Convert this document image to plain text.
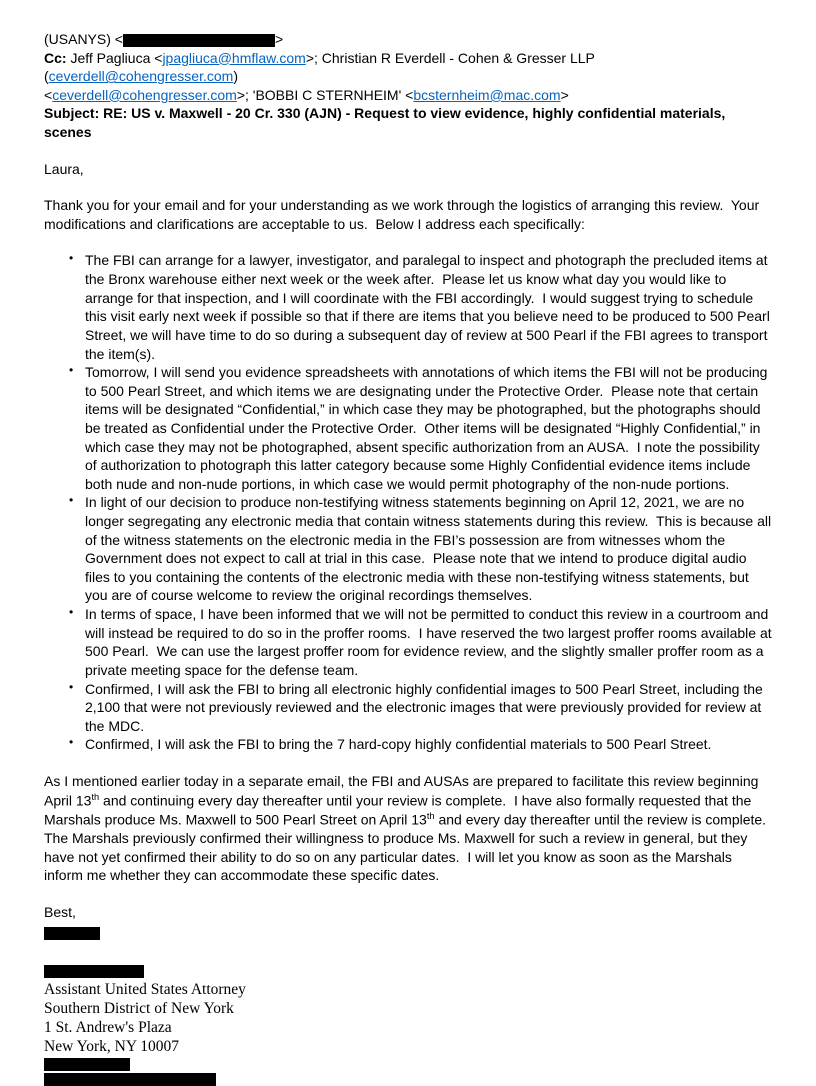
(USANYS) <	>
Cc: Jeff Pagliuca <jpagliuca@hmflaw.com>; Christian R Everdell - Cohen & Gresser LLP (ceverdell@cohengresser.com)
<ceverdell@cohengresser.com>; 'BOBBI C STERNHEIM' <bcsternheim@mac.com>
Subject: RE: US v. Maxwell - 20 Cr. 330 (AJN) - Request to view evidence, highly confidential materials, scenes

Laura,

Thank you for your email and for your understanding as we work through the logistics of arranging this review.  Your modifications and clarifications are acceptable to us.  Below I address each specifically:

• The FBI can arrange for a lawyer, investigator, and paralegal to inspect and photograph the precluded items at the Bronx warehouse either next week or the week after.  Please let us know what day you would like to arrange for that inspection, and I will coordinate with the FBI accordingly.  I would suggest trying to schedule this visit early next week if possible so that if there are items that you believe need to be produced to 500 Pearl Street, we will have time to do so during a subsequent day of review at 500 Pearl if the FBI agrees to transport the item(s).
• Tomorrow, I will send you evidence spreadsheets with annotations of which items the FBI will not be producing to 500 Pearl Street, and which items we are designating under the Protective Order.  Please note that certain items will be designated “Confidential,” in which case they may be photographed, but the photographs should be treated as Confidential under the Protective Order.  Other items will be designated “Highly Confidential,” in which case they may not be photographed, absent specific authorization from an AUSA.  I note the possibility of authorization to photograph this latter category because some Highly Confidential evidence items include both nude and non-nude portions, in which case we would permit photography of the non-nude portions.
• In light of our decision to produce non-testifying witness statements beginning on April 12, 2021, we are no longer segregating any electronic media that contain witness statements during this review.  This is because all of the witness statements on the electronic media in the FBI’s possession are from witnesses whom the Government does not expect to call at trial in this case.  Please note that we intend to produce digital audio files to you containing the contents of the electronic media with these non-testifying witness statements, but you are of course welcome to review the original recordings themselves.
• In terms of space, I have been informed that we will not be permitted to conduct this review in a courtroom and will instead be required to do so in the proffer rooms.  I have reserved the two largest proffer rooms available at 500 Pearl.  We can use the largest proffer room for evidence review, and the slightly smaller proffer room as a private meeting space for the defense team.
• Confirmed, I will ask the FBI to bring all electronic highly confidential images to 500 Pearl Street, including the 2,100 that were not previously reviewed and the electronic images that were previously provided for review at the MDC.
• Confirmed, I will ask the FBI to bring the 7 hard-copy highly confidential materials to 500 Pearl Street.

As I mentioned earlier today in a separate email, the FBI and AUSAs are prepared to facilitate this review beginning April 13th and continuing every day thereafter until your review is complete.  I have also formally requested that the Marshals produce Ms. Maxwell to 500 Pearl Street on April 13th and every day thereafter until the review is complete.  The Marshals previously confirmed their willingness to produce Ms. Maxwell for such a review in general, but they have not yet confirmed their ability to do so on any particular dates.  I will let you know as soon as the Marshals inform me whether they can accommodate these specific dates.

Best,

Assistant United States Attorney
Southern District of New York
1 St. Andrew's Plaza
New York, NY 10007
